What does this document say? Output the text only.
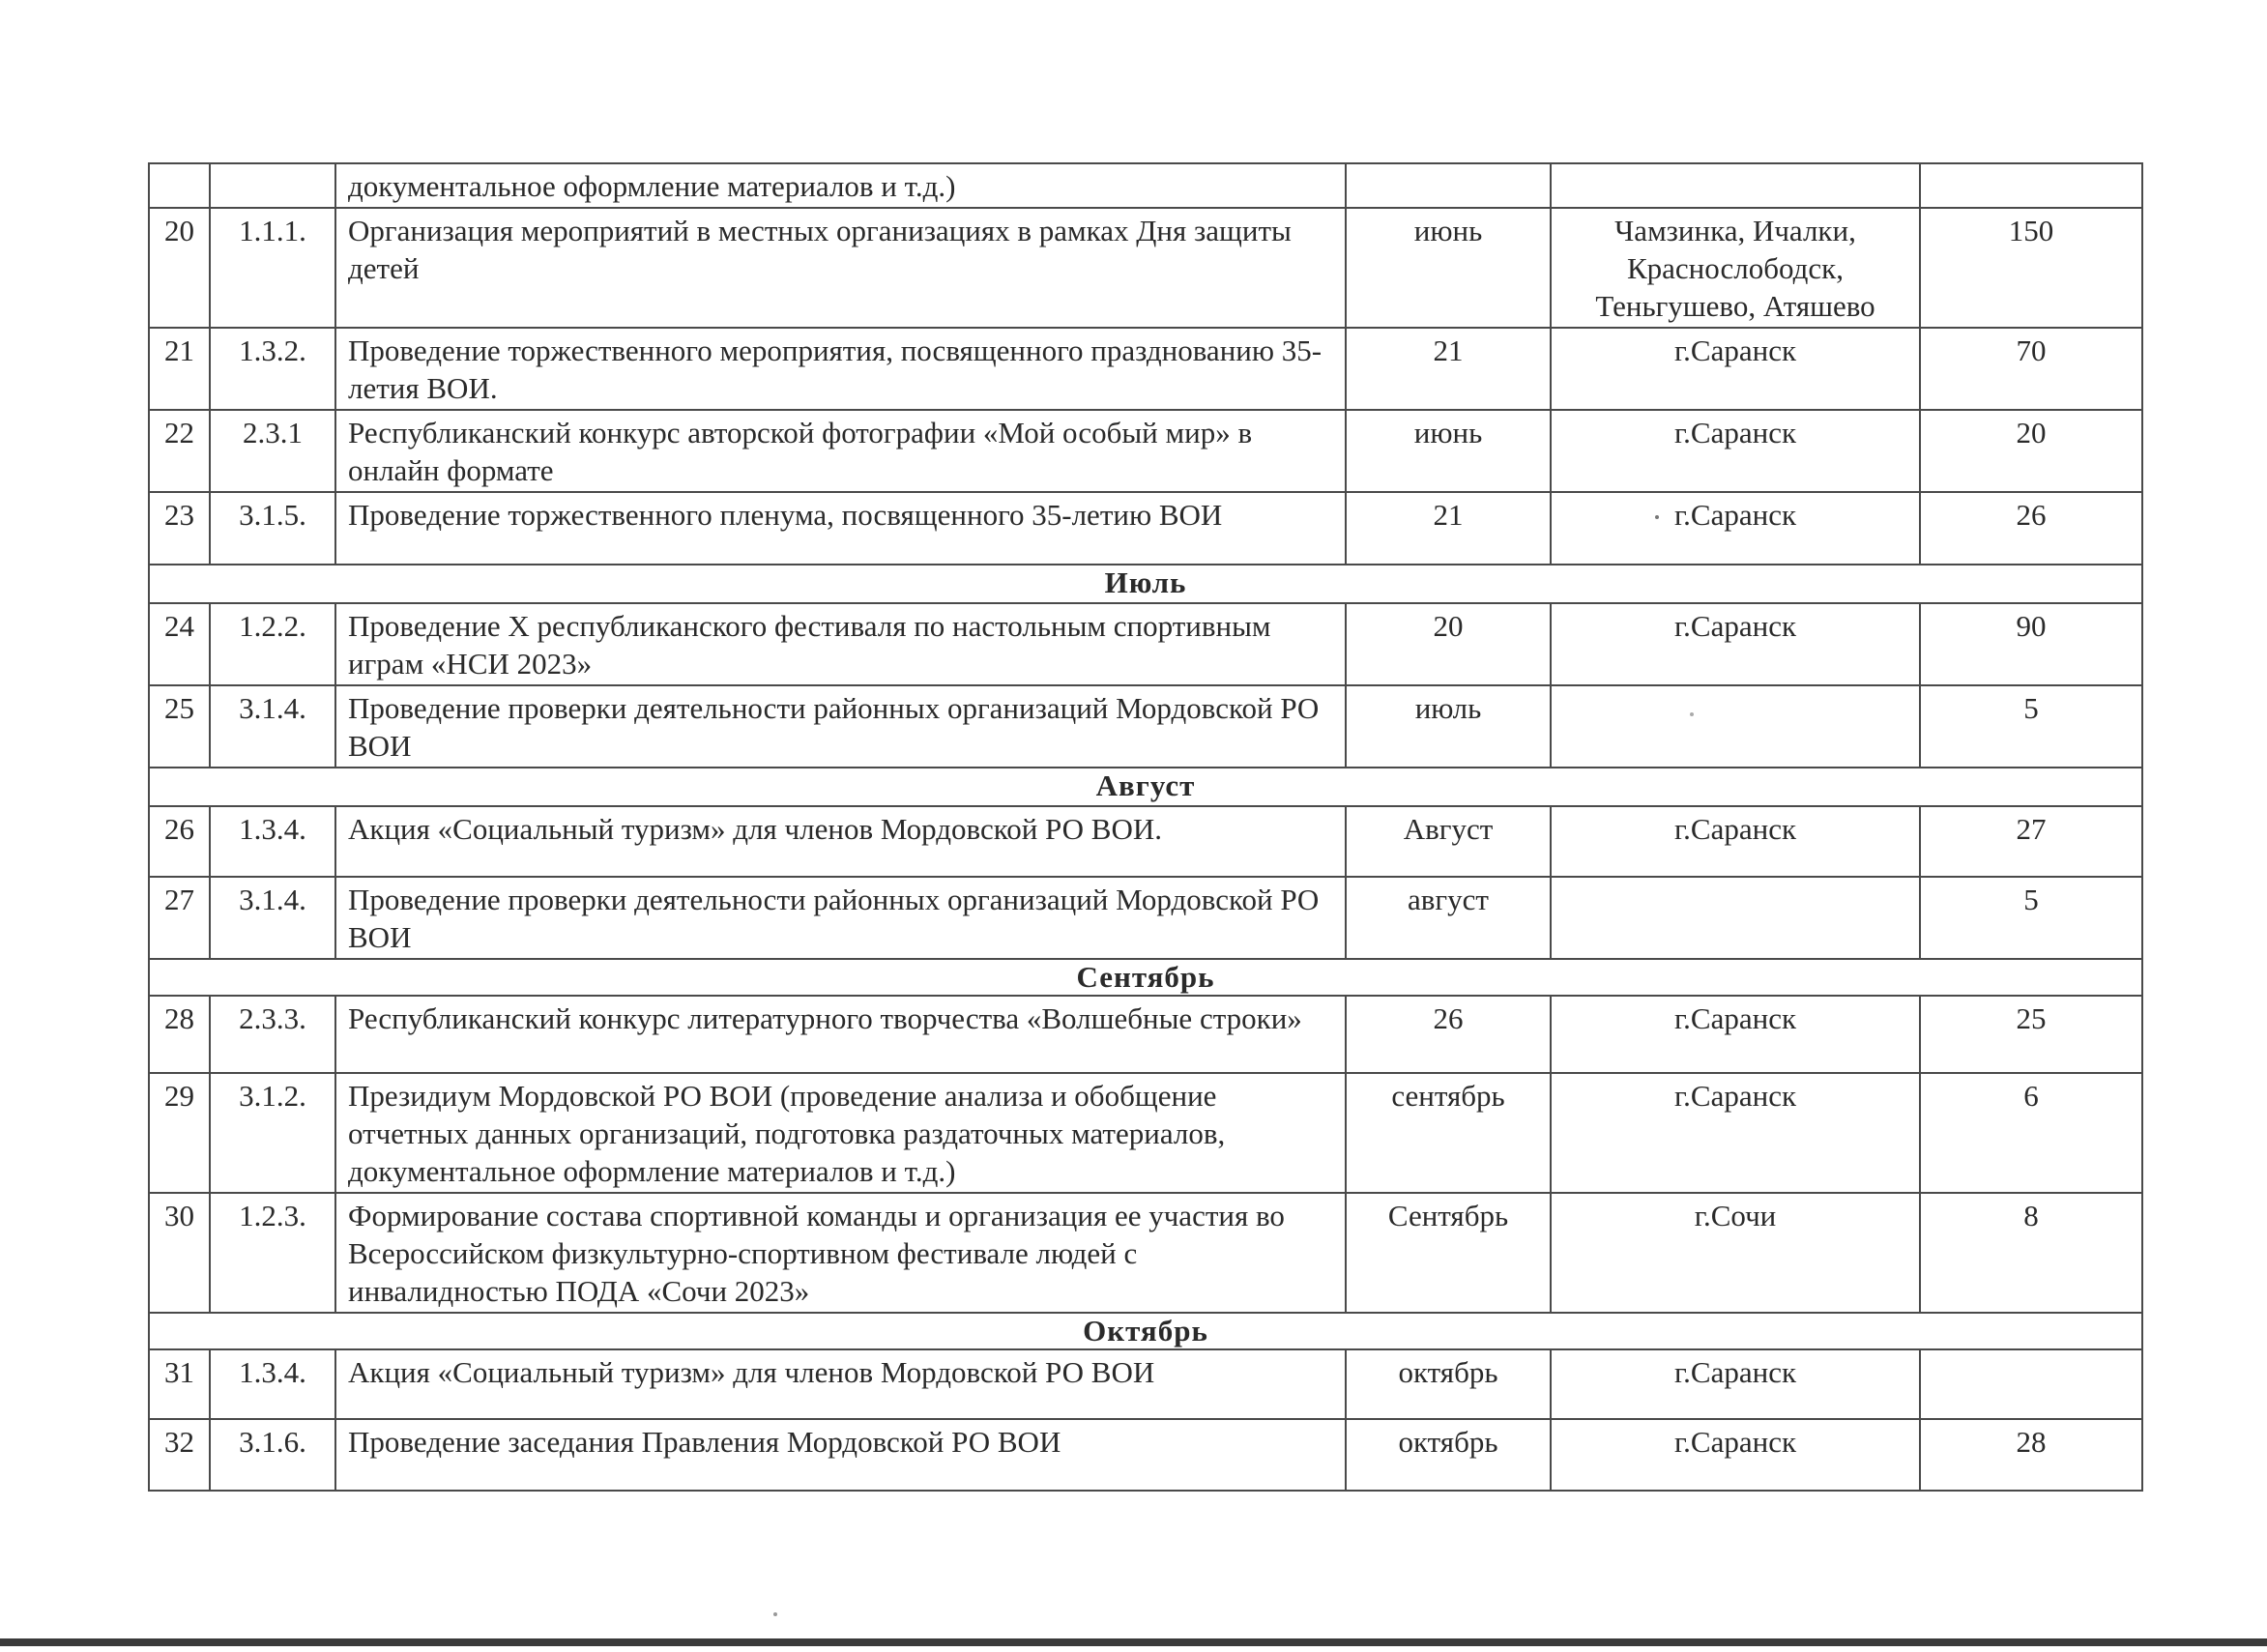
		документальное оформление материалов и т.д.)			
20	1.1.1.	Организация мероприятий в местных организациях в рамках Дня защиты детей	июнь	Чамзинка, Ичалки, Краснослободск, Теньгушево, Атяшево	150
21	1.3.2.	Проведение торжественного мероприятия, посвященного празднованию 35-летия ВОИ.	21	г.Саранск	70
22	2.3.1	Республиканский конкурс авторской фотографии «Мой особый мир» в онлайн формате	июнь	г.Саранск	20
23	3.1.5.	Проведение торжественного пленума, посвященного 35-летию ВОИ	21	г.Саранск	26
Июль					
24	1.2.2.	Проведение X республиканского фестиваля по настольным спортивным играм «НСИ 2023»	20	г.Саранск	90
25	3.1.4.	Проведение проверки деятельности районных организаций Мордовской РО ВОИ	июль		5
Август					
26	1.3.4.	Акция «Социальный туризм» для членов Мордовской РО ВОИ.	Август	г.Саранск	27
27	3.1.4.	Проведение проверки деятельности районных организаций Мордовской РО ВОИ	август		5
Сентябрь					
28	2.3.3.	Республиканский конкурс литературного творчества «Волшебные строки»	26	г.Саранск	25
29	3.1.2.	Президиум Мордовской РО ВОИ (проведение анализа и обобщение отчетных данных организаций, подготовка раздаточных материалов, документальное оформление материалов и т.д.)	сентябрь	г.Саранск	6
30	1.2.3.	Формирование состава спортивной команды и организация ее участия во Всероссийском физкультурно-спортивном фестивале людей с инвалидностью ПОДА «Сочи 2023»	Сентябрь	г.Сочи	8
Октябрь					
31	1.3.4.	Акция «Социальный туризм» для членов Мордовской РО ВОИ	октябрь	г.Саранск	
32	3.1.6.	Проведение заседания Правления Мордовской РО ВОИ	октябрь	г.Саранск	28
